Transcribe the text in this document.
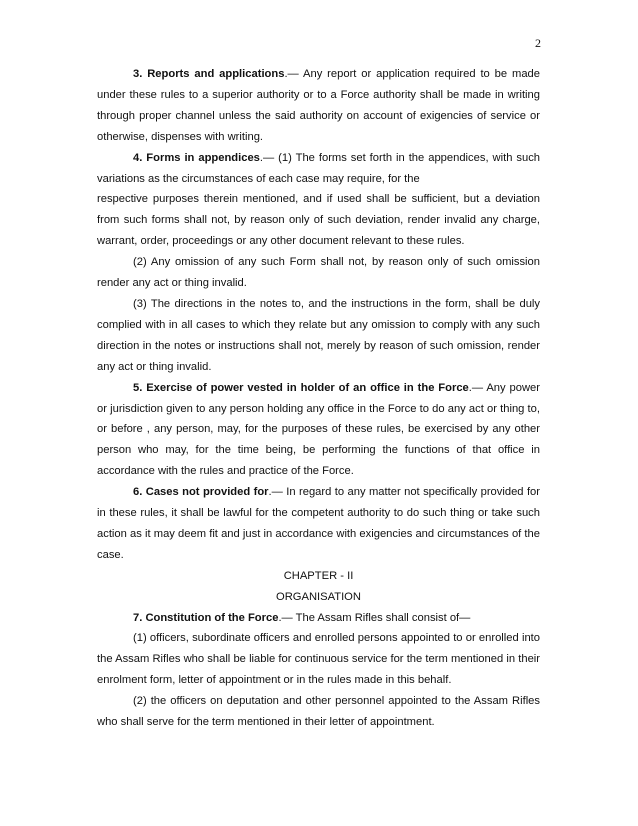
2

3. Reports and applications.— Any report or application required to be made under these rules to a superior authority or to a Force authority shall be made in writing through proper channel unless the said authority on account of exigencies of service or otherwise, dispenses with writing.

4. Forms in appendices.— (1) The forms set forth in the appendices, with such variations as the circumstances of each case may require, for the

respective purposes therein mentioned, and if used shall be sufficient, but a deviation from such forms shall not, by reason only of such deviation, render invalid any charge, warrant, order, proceedings or any other document relevant to these rules.

(2) Any omission of any such Form shall not, by reason only of such omission render any act or thing invalid.

(3) The directions in the notes to, and the instructions in the form, shall be duly complied with in all cases to which they relate but any omission to comply with any such direction in the notes or instructions shall not, merely by reason of such omission, render any act or thing invalid.

5. Exercise of power vested in holder of an office in the Force.— Any power or jurisdiction given to any person holding any office in the Force to do any act or thing to, or before , any person, may, for the purposes of these rules, be exercised by any other person who may, for the time being, be performing the functions of that office in accordance with the rules and practice of the Force.

6. Cases not provided for.— In regard to any matter not specifically provided for in these rules, it shall be lawful for the competent authority to do such thing or take such action as it may deem fit and just in accordance with exigencies and circumstances of the case.

CHAPTER - II

ORGANISATION

7. Constitution of the Force.— The Assam Rifles shall consist of—

(1) officers, subordinate officers and enrolled persons appointed to or enrolled into the Assam Rifles who shall be liable for continuous service for the term mentioned in their enrolment form, letter of appointment or in the rules made in this behalf.

(2) the officers on deputation and other personnel appointed to the Assam Rifles who shall serve for the term mentioned in their letter of appointment.
